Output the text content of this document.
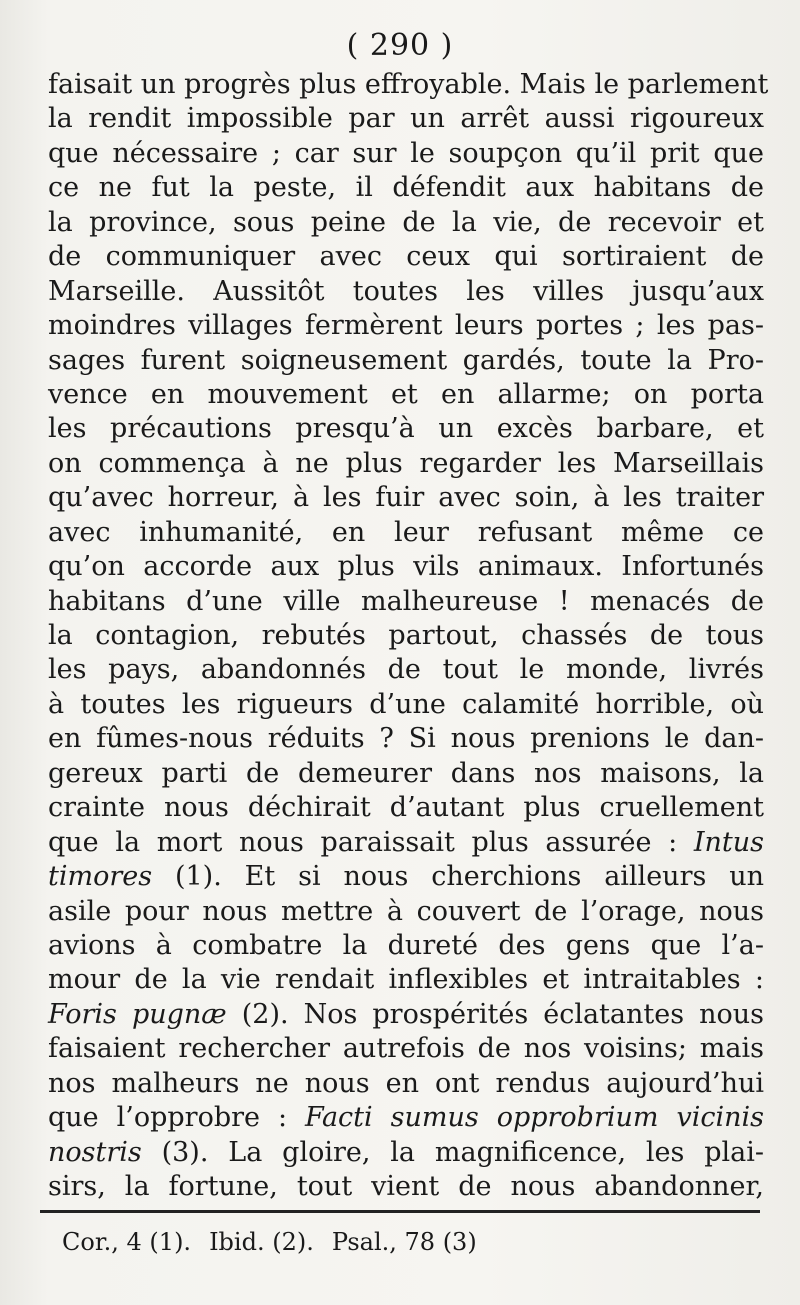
( 290 )
faisait un progrès plus effroyable. Mais le parlement
la rendit impossible par un arrêt aussi rigoureux
que nécessaire ; car sur le soupçon qu’il prit que
ce ne fut la peste, il défendit aux habitans de
la province, sous peine de la vie, de recevoir et
de communiquer avec ceux qui sortiraient de
Marseille. Aussitôt toutes les villes jusqu’aux
moindres villages fermèrent leurs portes ; les pas-
sages furent soigneusement gardés, toute la Pro-
vence en mouvement et en allarme; on porta
les précautions presqu’à un excès barbare, et
on commença à ne plus regarder les Marseillais
qu’avec horreur, à les fuir avec soin, à les traiter
avec inhumanité, en leur refusant même ce
qu’on accorde aux plus vils animaux. Infortunés
habitans d’une ville malheureuse ! menacés de
la contagion, rebutés partout, chassés de tous
les pays, abandonnés de tout le monde, livrés
à toutes les rigueurs d’une calamité horrible, où
en fûmes-nous réduits ? Si nous prenions le dan-
gereux parti de demeurer dans nos maisons, la
crainte nous déchirait d’autant plus cruellement
que la mort nous paraissait plus assurée : Intus
timores (1). Et si nous cherchions ailleurs un
asile pour nous mettre à couvert de l’orage, nous
avions à combatre la dureté des gens que l’a-
mour de la vie rendait inflexibles et intraitables :
Foris pugnæ (2). Nos prospérités éclatantes nous
faisaient rechercher autrefois de nos voisins; mais
nos malheurs ne nous en ont rendus aujourd’hui
que l’opprobre : Facti sumus opprobrium vicinis
nostris (3). La gloire, la magnificence, les plai-
sirs, la fortune, tout vient de nous abandonner,
Cor., 4 (1). Ibid. (2). Psal., 78 (3)
